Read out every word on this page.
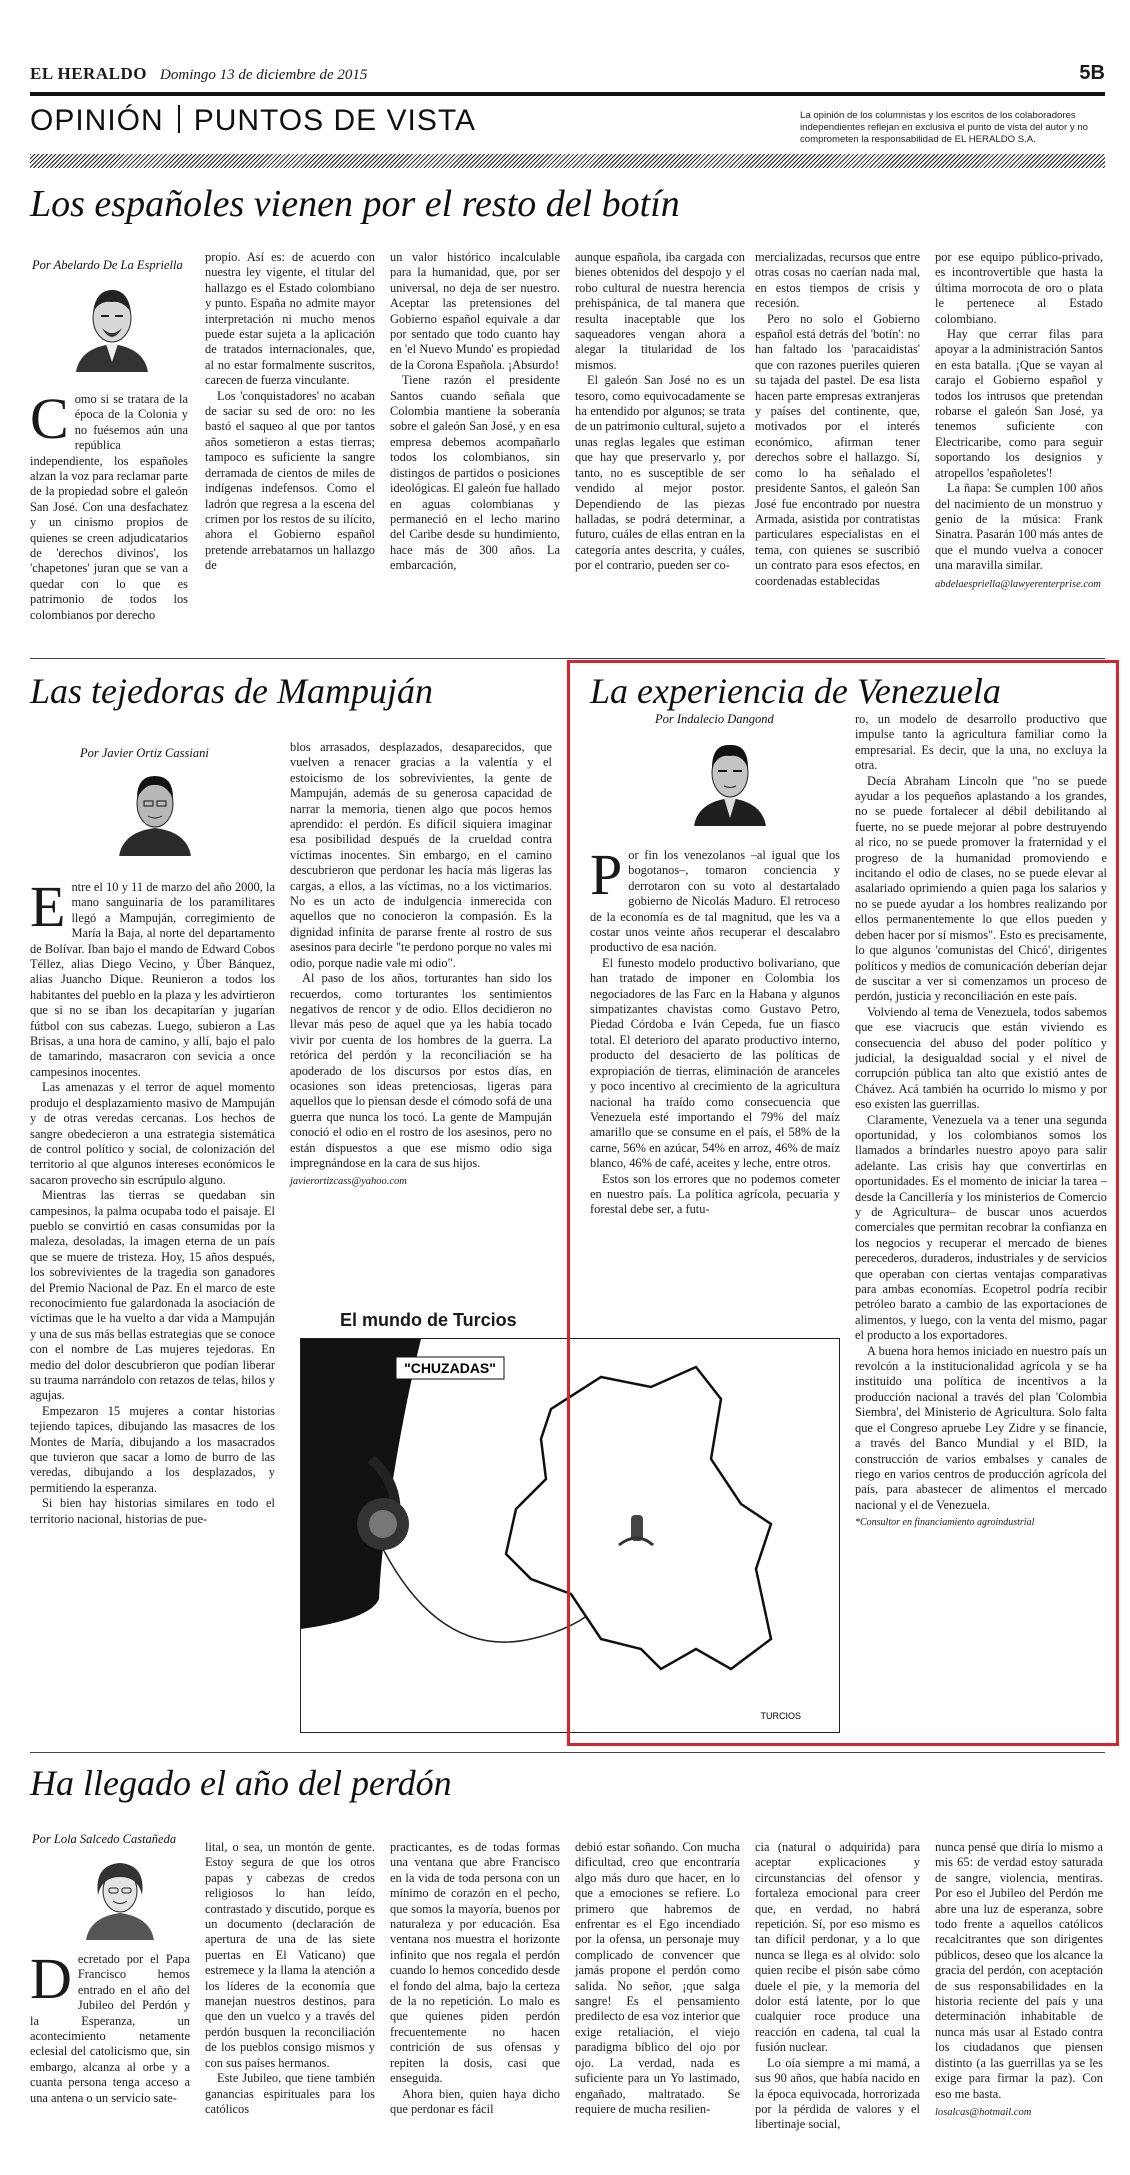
EL HERALDO Domingo 13 de diciembre de 2015	5B
OPINIÓN PUNTOS DE VISTA	La opinión de los columnistas y los escritos de los colaboradores independientes reflejan en exclusiva el punto de vista del autor y no comprometen la responsabilidad de EL HERALDO S.A.
Los españoles vienen por el resto del botín
Por Abelardo De La Espriella

Como si se tratara de la época de la Colonia y no fuésemos aún una república independiente, los españoles alzan la voz para reclamar parte de la propiedad sobre el galeón San José. Con una desfachatez y un cinismo propios de quienes se creen adjudicatarios de 'derechos divinos', los 'chapetones' juran que se van a quedar con lo que es patrimonio de todos los colombianos por derecho

propio. Así es: de acuerdo con nuestra ley vigente, el titular del hallazgo es el Estado colombiano y punto. España no admite mayor interpretación ni mucho menos puede estar sujeta a la aplicación de tratados internacionales, que, al no estar formalmente suscritos, carecen de fuerza vinculante.

Los 'conquistadores' no acaban de saciar su sed de oro: no les bastó el saqueo al que por tantos años sometieron a estas tierras; tampoco es suficiente la sangre derramada de cientos de miles de indígenas indefensos. Como el ladrón que regresa a la escena del crimen por los restos de su ilícito, ahora el Gobierno español pretende arrebatarnos un hallazgo de

un valor histórico incalculable para la humanidad, que, por ser universal, no deja de ser nuestro. Aceptar las pretensiones del Gobierno español equivale a dar por sentado que todo cuanto hay en 'el Nuevo Mundo' es propiedad de la Corona Española. ¡Absurdo!

Tiene razón el presidente Santos cuando señala que Colombia mantiene la soberanía sobre el galeón San José, y en esa empresa debemos acompañarlo todos los colombianos, sin distingos de partidos o posiciones ideológicas. El galeón fue hallado en aguas colombianas y permaneció en el lecho marino del Caribe desde su hundimiento, hace más de 300 años. La embarcación,

aunque española, iba cargada con bienes obtenidos del despojo y el robo cultural de nuestra herencia prehispánica, de tal manera que resulta inaceptable que los saqueadores vengan ahora a alegar la titularidad de los mismos.

El galeón San José no es un tesoro, como equivocadamente se ha entendido por algunos; se trata de un patrimonio cultural, sujeto a unas reglas legales que estiman que hay que preservarlo y, por tanto, no es susceptible de ser vendido al mejor postor. Dependiendo de las piezas halladas, se podrá determinar, a futuro, cuáles de ellas entran en la categoría antes descrita, y cuáles, por el contrario, pueden ser co-

mercializadas, recursos que entre otras cosas no caerían nada mal, en estos tiempos de crisis y recesión.

Pero no solo el Gobierno español está detrás del 'botín': no han faltado los 'paracaidistas' que con razones pueriles quieren su tajada del pastel. De esa lista hacen parte empresas extranjeras y países del continente, que, motivados por el interés económico, afirman tener derechos sobre el hallazgo. Sí, como lo ha señalado el presidente Santos, el galeón San José fue encontrado por nuestra Armada, asistida por contratistas particulares especialistas en el tema, con quienes se suscribió un contrato para esos efectos, en coordenadas establecidas

por ese equipo público-privado, es incontrovertible que hasta la última morrocota de oro o plata le pertenece al Estado colombiano.

Hay que cerrar filas para apoyar a la administración Santos en esta batalla. ¡Que se vayan al carajo el Gobierno español y todos los intrusos que pretendan robarse el galeón San José, ya tenemos suficiente con Electricaribe, como para seguir soportando los designios y atropellos 'españoletes'!

La ñapa: Se cumplen 100 años del nacimiento de un monstruo y genio de la música: Frank Sinatra. Pasarán 100 más antes de que el mundo vuelva a conocer una maravilla similar.

abdelaespriella@lawyerenterprise.com
Las tejedoras de Mampuján
Por Javier Ortiz Cassiani

Entre el 10 y 11 de marzo del año 2000, la mano sanguinaria de los paramilitares llegó a Mampuján, corregimiento de María la Baja, al norte del departamento de Bolívar. Iban bajo el mando de Edward Cobos Téllez, alias Diego Vecino, y Úber Bánquez, alias Juancho Dique. Reunieron a todos los habitantes del pueblo en la plaza y les advirtieron que si no se iban los decapitarían y jugarían fútbol con sus cabezas. Luego, subieron a Las Brisas, a una hora de camino, y allí, bajo el palo de tamarindo, masacraron con sevicia a once campesinos inocentes.

Las amenazas y el terror de aquel momento produjo el desplazamiento masivo de Mampuján y de otras veredas cercanas. Los hechos de sangre obedecieron a una estrategia sistemática de control político y social, de colonización del territorio al que algunos intereses económicos le sacaron provecho sin escrúpulo alguno.

Mientras las tierras se quedaban sin campesinos, la palma ocupaba todo el paisaje. El pueblo se convirtió en casas consumidas por la maleza, desoladas, la imagen eterna de un país que se muere de tristeza. Hoy, 15 años después, los sobrevivientes de la tragedia son ganadores del Premio Nacional de Paz. En el marco de este reconocimiento fue galardonada la asociación de víctimas que le ha vuelto a dar vida a Mampuján y una de sus más bellas estrategias que se conoce con el nombre de Las mujeres tejedoras. En medio del dolor descubrieron que podían liberar su trauma narrándolo con retazos de telas, hilos y agujas.

Empezaron 15 mujeres a contar historias tejiendo tapices, dibujando las masacres de los Montes de María, dibujando a los masacrados que tuvieron que sacar a lomo de burro de las veredas, dibujando a los desplazados, y permitiendo la esperanza.

Si bien hay historias similares en todo el territorio nacional, historias de pue-

blos arrasados, desplazados, desaparecidos, que vuelven a renacer gracias a la valentía y el estoicismo de los sobrevivientes, la gente de Mampuján, además de su generosa capacidad de narrar la memoria, tienen algo que pocos hemos aprendido: el perdón. Es difícil siquiera imaginar esa posibilidad después de la crueldad contra víctimas inocentes. Sin embargo, en el camino descubrieron que perdonar les hacía más ligeras las cargas, a ellos, a las víctimas, no a los victimarios. No es un acto de indulgencia inmerecida con aquellos que no conocieron la compasión. Es la dignidad infinita de pararse frente al rostro de sus asesinos para decirle "te perdono porque no vales mi odio, porque nadie vale mi odio".

Al paso de los años, torturantes han sido los recuerdos, como torturantes los sentimientos negativos de rencor y de odio. Ellos decidieron no llevar más peso de aquel que ya les había tocado vivir por cuenta de los hombres de la guerra. La retórica del perdón y la reconciliación se ha apoderado de los discursos por estos días, en ocasiones son ideas pretenciosas, ligeras para aquellos que lo piensan desde el cómodo sofá de una guerra que nunca los tocó. La gente de Mampuján conoció el odio en el rostro de los asesinos, pero no están dispuestos a que ese mismo odio siga impregnándose en la cara de sus hijos.

javierortizcass@yahoo.com
El mundo de Turcios
"CHUZADAS"
TURCIOS
La experiencia de Venezuela
Por Indalecio Dangond

Por fin los venezolanos –al igual que los bogotanos–, tomaron conciencia y derrotaron con su voto al destartalado gobierno de Nicolás Maduro. El retroceso de la economía es de tal magnitud, que les va a costar unos veinte años recuperar el descalabro productivo de esa nación.

El funesto modelo productivo bolivariano, que han tratado de imponer en Colombia los negociadores de las Farc en la Habana y algunos simpatizantes chavistas como Gustavo Petro, Piedad Córdoba e Iván Cepeda, fue un fiasco total. El deterioro del aparato productivo interno, producto del desacierto de las políticas de expropiación de tierras, eliminación de aranceles y poco incentivo al crecimiento de la agricultura nacional ha traído como consecuencia que Venezuela esté importando el 79% del maíz amarillo que se consume en el país, el 58% de la carne, 56% en azúcar, 54% en arroz, 46% de maíz blanco, 46% de café, aceites y leche, entre otros.

Estos son los errores que no podemos cometer en nuestro país. La política agrícola, pecuaria y forestal debe ser, a futu-

ro, un modelo de desarrollo productivo que impulse tanto la agricultura familiar como la empresarial. Es decir, que la una, no excluya la otra.

Decía Abraham Lincoln que "no se puede ayudar a los pequeños aplastando a los grandes, no se puede fortalecer al débil debilitando al fuerte, no se puede mejorar al pobre destruyendo al rico, no se puede promover la fraternidad y el progreso de la humanidad promoviendo e incitando el odio de clases, no se puede elevar al asalariado oprimiendo a quien paga los salarios y no se puede ayudar a los hombres realizando por ellos permanentemente lo que ellos pueden y deben hacer por sí mismos". Esto es precisamente, lo que algunos 'comunistas del Chicó', dirigentes políticos y medios de comunicación deberían dejar de suscitar a ver si comenzamos un proceso de perdón, justicia y reconciliación en este país.

Volviendo al tema de Venezuela, todos sabemos que ese viacrucis que están viviendo es consecuencia del abuso del poder político y judicial, la desigualdad social y el nivel de corrupción pública tan alto que existió antes de Chávez. Acá también ha ocurrido lo mismo y por eso existen las guerrillas.

Claramente, Venezuela va a tener una segunda oportunidad, y los colombianos somos los llamados a brindarles nuestro apoyo para salir adelante. Las crisis hay que convertirlas en oportunidades. Es el momento de iniciar la tarea –desde la Cancillería y los ministerios de Comercio y de Agricultura– de buscar unos acuerdos comerciales que permitan recobrar la confianza en los negocios y recuperar el mercado de bienes perecederos, duraderos, industriales y de servicios que operaban con ciertas ventajas comparativas para ambas economías. Ecopetrol podría recibir petróleo barato a cambio de las exportaciones de alimentos, y luego, con la venta del mismo, pagar el producto a los exportadores.

A buena hora hemos iniciado en nuestro país un revolcón a la institucionalidad agrícola y se ha instituido una política de incentivos a la producción nacional a través del plan 'Colombia Siembra', del Ministerio de Agricultura. Solo falta que el Congreso apruebe Ley Zidre y se financie, a través del Banco Mundial y el BID, la construcción de varios embalses y canales de riego en varios centros de producción agrícola del país, para abastecer de alimentos el mercado nacional y el de Venezuela.

*Consultor en financiamiento agroindustrial

Ha llegado el año del perdón
Por Lola Salcedo Castañeda

Decretado por el Papa Francisco hemos entrado en el año del Jubileo del Perdón y la Esperanza, un acontecimiento netamente eclesial del catolicismo que, sin embargo, alcanza al orbe y a cuanta persona tenga acceso a una antena o un servicio sate-

lital, o sea, un montón de gente. Estoy segura de que los otros papas y cabezas de credos religiosos lo han leído, contrastado y discutido, porque es un documento (declaración de apertura de una de las siete puertas en El Vaticano) que estremece y la llama la atención a los líderes de la economía que manejan nuestros destinos, para que den un vuelco y a través del perdón busquen la reconciliación de los pueblos consigo mismos y con sus países hermanos.

Este Jubileo, que tiene también ganancias espirituales para los católicos

practicantes, es de todas formas una ventana que abre Francisco en la vida de toda persona con un mínimo de corazón en el pecho, que somos la mayoría, buenos por naturaleza y por educación. Esa ventana nos muestra el horizonte infinito que nos regala el perdón cuando lo hemos concedido desde el fondo del alma, bajo la certeza de la no repetición. Lo malo es que quienes piden perdón frecuentemente no hacen contrición de sus ofensas y repiten la dosis, casi que enseguida.

Ahora bien, quien haya dicho que perdonar es fácil

debió estar soñando. Con mucha dificultad, creo que encontraría algo más duro que hacer, en lo que a emociones se refiere. Lo primero que habremos de enfrentar es el Ego incendiado por la ofensa, un personaje muy complicado de convencer que jamás propone el perdón como salida. No señor, ¡que salga sangre! Es el pensamiento predilecto de esa voz interior que exige retaliación, el viejo paradigma bíblico del ojo por ojo. La verdad, nada es suficiente para un Yo lastimado, engañado, maltratado. Se requiere de mucha resilien-

cia (natural o adquirida) para aceptar explicaciones y circunstancias del ofensor y fortaleza emocional para creer que, en verdad, no habrá repetición. Sí, por eso mismo es tan difícil perdonar, y a lo que nunca se llega es al olvido: solo quien recibe el pisón sabe cómo duele el pie, y la memoria del dolor está latente, por lo que cualquier roce produce una reacción en cadena, tal cual la fusión nuclear.

Lo oía siempre a mi mamá, a sus 90 años, que había nacido en la época equivocada, horrorizada por la pérdida de valores y el libertinaje social,

nunca pensé que diría lo mismo a mis 65: de verdad estoy saturada de sangre, violencia, mentiras. Por eso el Jubileo del Perdón me abre una luz de esperanza, sobre todo frente a aquellos católicos recalcitrantes que son dirigentes públicos, deseo que los alcance la gracia del perdón, con aceptación de sus responsabilidades en la historia reciente del país y una determinación inhabitable de nunca más usar al Estado contra los ciudadanos que piensen distinto (a las guerrillas ya se les exige para firmar la paz). Con eso me basta.

losalcas@hotmail.com
